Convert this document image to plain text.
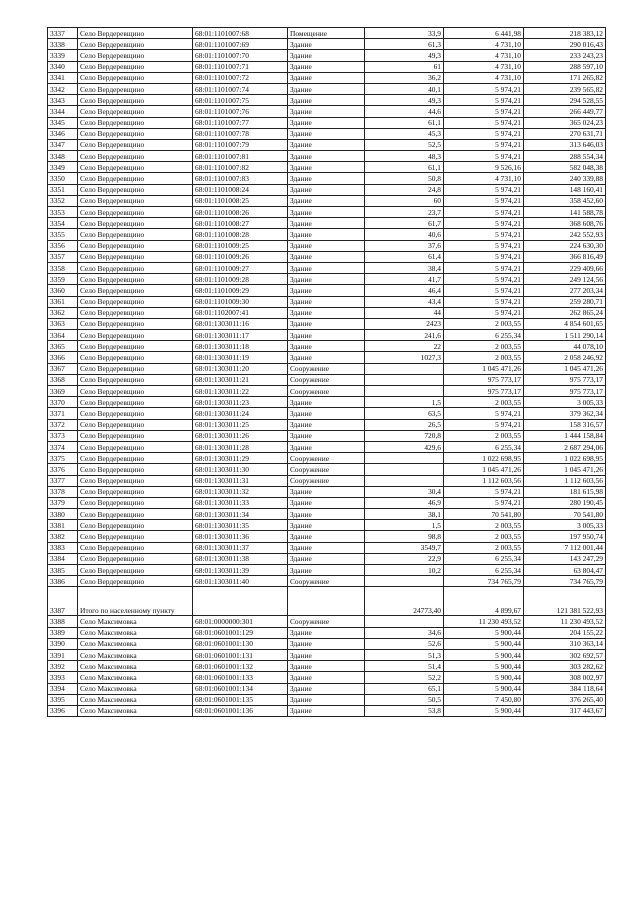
3337	Село Вердеревщино	68:01:1101007:68	Помещение	33,9	6 441,98	218 383,12
3338	Село Вердеревщино	68:01:1101007:69	Здание	61,3	4 731,10	290 016,43
3339	Село Вердеревщино	68:01:1101007:70	Здание	49,3	4 731,10	233 243,23
3340	Село Вердеревщино	68:01:1101007:71	Здание	61	4 731,10	288 597,10
3341	Село Вердеревщино	68:01:1101007:72	Здание	36,2	4 731,10	171 265,82
3342	Село Вердеревщино	68:01:1101007:74	Здание	40,1	5 974,21	239 565,82
3343	Село Вердеревщино	68:01:1101007:75	Здание	49,3	5 974,21	294 528,55
3344	Село Вердеревщино	68:01:1101007:76	Здание	44,6	5 974,21	266 449,77
3345	Село Вердеревщино	68:01:1101007:77	Здание	61,1	5 974,21	365 024,23
3346	Село Вердеревщино	68:01:1101007:78	Здание	45,3	5 974,21	270 631,71
3347	Село Вердеревщино	68:01:1101007:79	Здание	52,5	5 974,21	313 646,03
3348	Село Вердеревщино	68:01:1101007:81	Здание	48,3	5 974,21	288 554,34
3349	Село Вердеревщино	68:01:1101007:82	Здание	61,1	9 526,16	582 048,38
3350	Село Вердеревщино	68:01:1101007:83	Здание	50,8	4 731,10	240 339,88
3351	Село Вердеревщино	68:01:1101008:24	Здание	24,8	5 974,21	148 160,41
3352	Село Вердеревщино	68:01:1101008:25	Здание	60	5 974,21	358 452,60
3353	Село Вердеревщино	68:01:1101008:26	Здание	23,7	5 974,21	141 588,78
3354	Село Вердеревщино	68:01:1101008:27	Здание	61,7	5 974,21	368 608,76
3355	Село Вердеревщино	68:01:1101008:28	Здание	40,6	5 974,21	242 552,93
3356	Село Вердеревщино	68:01:1101009:25	Здание	37,6	5 974,21	224 630,30
3357	Село Вердеревщино	68:01:1101009:26	Здание	61,4	5 974,21	366 816,49
3358	Село Вердеревщино	68:01:1101009:27	Здание	38,4	5 974,21	229 409,66
3359	Село Вердеревщино	68:01:1101009:28	Здание	41,7	5 974,21	249 124,56
3360	Село Вердеревщино	68:01:1101009:29	Здание	46,4	5 974,21	277 203,34
3361	Село Вердеревщино	68:01:1101009:30	Здание	43,4	5 974,21	259 280,71
3362	Село Вердеревщино	68:01:1102007:41	Здание	44	5 974,21	262 865,24
3363	Село Вердеревщино	68:01:1303011:16	Здание	2423	2 003,55	4 854 601,65
3364	Село Вердеревщино	68:01:1303011:17	Здание	241,6	6 255,34	1 511 290,14
3365	Село Вердеревщино	68:01:1303011:18	Здание	22	2 003,55	44 078,10
3366	Село Вердеревщино	68:01:1303011:19	Здание	1027,3	2 003,55	2 058 246,92
3367	Село Вердеревщино	68:01:1303011:20	Сооружение		1 045 471,26	1 045 471,26
3368	Село Вердеревщино	68:01:1303011:21	Сооружение		975 773,17	975 773,17
3369	Село Вердеревщино	68:01:1303011:22	Сооружение		975 773,17	975 773,17
3370	Село Вердеревщино	68:01:1303011:23	Здание	1,5	2 003,55	3 005,33
3371	Село Вердеревщино	68:01:1303011:24	Здание	63,5	5 974,21	379 362,34
3372	Село Вердеревщино	68:01:1303011:25	Здание	26,5	5 974,21	158 316,57
3373	Село Вердеревщино	68:01:1303011:26	Здание	720,8	2 003,55	1 444 158,84
3374	Село Вердеревщино	68:01:1303011:28	Здание	429,6	6 255,34	2 687 294,06
3375	Село Вердеревщино	68:01:1303011:29	Сооружение		1 022 698,95	1 022 698,95
3376	Село Вердеревщино	68:01:1303011:30	Сооружение		1 045 471,26	1 045 471,26
3377	Село Вердеревщино	68:01:1303011:31	Сооружение		1 112 603,56	1 112 603,56
3378	Село Вердеревщино	68:01:1303011:32	Здание	30,4	5 974,21	181 615,98
3379	Село Вердеревщино	68:01:1303011:33	Здание	46,9	5 974,21	280 190,45
3380	Село Вердеревщино	68:01:1303011:34	Здание	38,1	70 541,80	70 541,80
3381	Село Вердеревщино	68:01:1303011:35	Здание	1,5	2 003,55	3 005,33
3382	Село Вердеревщино	68:01:1303011:36	Здание	98,8	2 003,55	197 950,74
3383	Село Вердеревщино	68:01:1303011:37	Здание	3549,7	2 003,55	7 112 001,44
3384	Село Вердеревщино	68:01:1303011:38	Здание	22,9	6 255,34	143 247,29
3385	Село Вердеревщино	68:01:1303011:39	Здание	10,2	6 255,34	63 804,47
3386	Село Вердеревщино	68:01:1303011:40	Сооружение		734 765,79	734 765,79
3387	Итого по населенному пункту			24773,40	4 899,67	121 381 522,93
3388	Село Максимовка	68:01:0000000:301	Сооружение		11 230 493,52	11 230 493,52
3389	Село Максимовка	68:01:0601001:129	Здание	34,6	5 900,44	204 155,22
3390	Село Максимовка	68:01:0601001:130	Здание	52,6	5 900,44	310 363,14
3391	Село Максимовка	68:01:0601001:131	Здание	51,3	5 900,44	302 692,57
3392	Село Максимовка	68:01:0601001:132	Здание	51,4	5 900,44	303 282,62
3393	Село Максимовка	68:01:0601001:133	Здание	52,2	5 900,44	308 002,97
3394	Село Максимовка	68:01:0601001:134	Здание	65,1	5 900,44	384 118,64
3395	Село Максимовка	68:01:0601001:135	Здание	50,5	7 450,80	376 265,40
3396	Село Максимовка	68:01:0601001:136	Здание	53,8	5 900,44	317 443,67
